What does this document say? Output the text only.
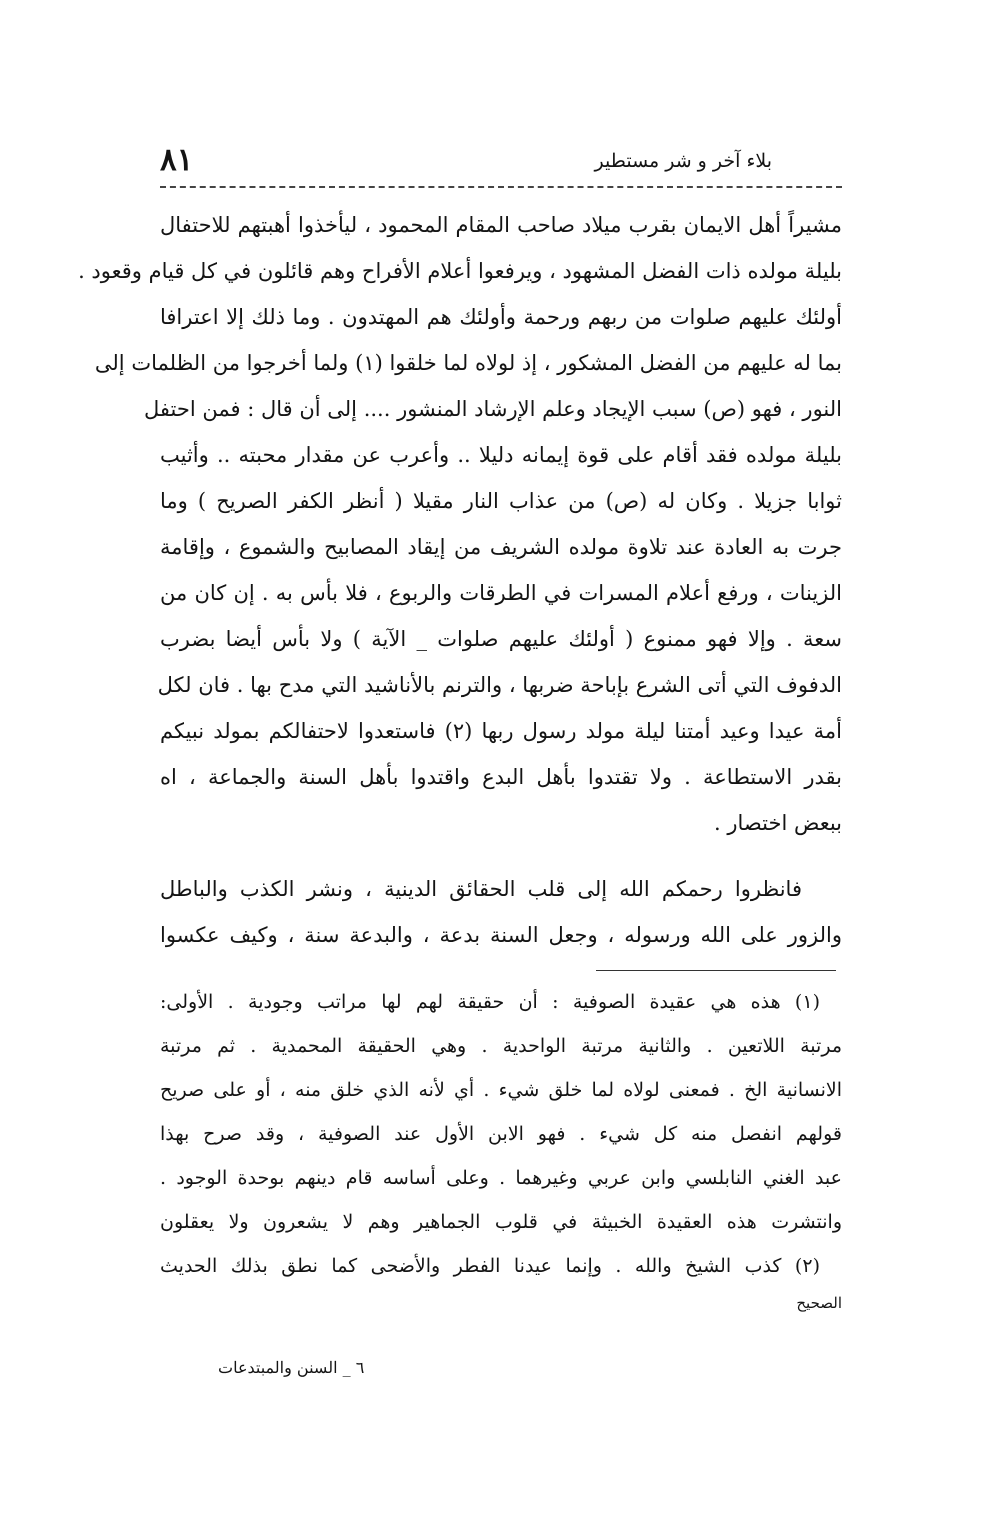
٨١	بلاء آخر و شر مستطير
مشيراً أهل الايمان بقرب ميلاد صاحب المقام المحمود ، ليأخذوا أهبتهم للاحتفال
بليلة مولده ذات الفضل المشهود ، ويرفعوا أعلام الأفراح وهم قائلون في كل قيام وقعود .
أولئك عليهم صلوات من ربهم ورحمة وأولئك هم المهتدون . وما ذلك إلا اعترافا
بما له عليهم من الفضل المشكور ، إذ لولاه لما خلقوا (١) ولما أخرجوا من الظلمات إلى
النور ، فهو (ص) سبب الإيجاد وعلم الإرشاد المنشور .... إلى أن قال : فمن احتفل
بليلة مولده فقد أقام على قوة إيمانه دليلا .. وأعرب عن مقدار محبته .. وأثيب
ثوابا جزيلا . وكان له (ص) من عذاب النار مقيلا ( أنظر الكفر الصريح ) وما
جرت به العادة عند تلاوة مولده الشريف من إيقاد المصابيح والشموع ، وإقامة
الزينات ، ورفع أعلام المسرات في الطرقات والربوع ، فلا بأس به . إن كان من
سعة . وإلا فهو ممنوع ( أولئك عليهم صلوات _ الآية ) ولا بأس أيضا بضرب
الدفوف التي أتى الشرع بإباحة ضربها ، والترنم بالأناشيد التي مدح بها . فان لكل
أمة عيدا وعيد أمتنا ليلة مولد رسول ربها (٢) فاستعدوا لاحتفالكم بمولد نبيكم
بقدر الاستطاعة . ولا تقتدوا بأهل البدع واقتدوا بأهل السنة والجماعة ، اه
ببعض اختصار .
فانظروا رحمكم الله إلى قلب الحقائق الدينية ، ونشر الكذب والباطل
والزور على الله ورسوله ، وجعل السنة بدعة ، والبدعة سنة ، وكيف عكسوا
(١) هذه هي عقيدة الصوفية : أن حقيقة لهم لها مراتب وجودية . الأولى:
مرتبة اللاتعين . والثانية مرتبة الواحدية . وهي الحقيقة المحمدية . ثم مرتبة
الانسانية الخ . فمعنى لولاه لما خلق شيء . أي لأنه الذي خلق منه ، أو على صريح
قولهم انفصل منه كل شيء . فهو الابن الأول عند الصوفية ، وقد صرح بهذا
عبد الغني النابلسي وابن عربي وغيرهما . وعلى أساسه قام دينهم بوحدة الوجود .
وانتشرت هذه العقيدة الخبيثة في قلوب الجماهير وهم لا يشعرون ولا يعقلون
(٢) كذب الشيخ والله . وإنما عيدنا الفطر والأضحى كما نطق بذلك الحديث
الصحيح
٦ _ السنن والمبتدعات
